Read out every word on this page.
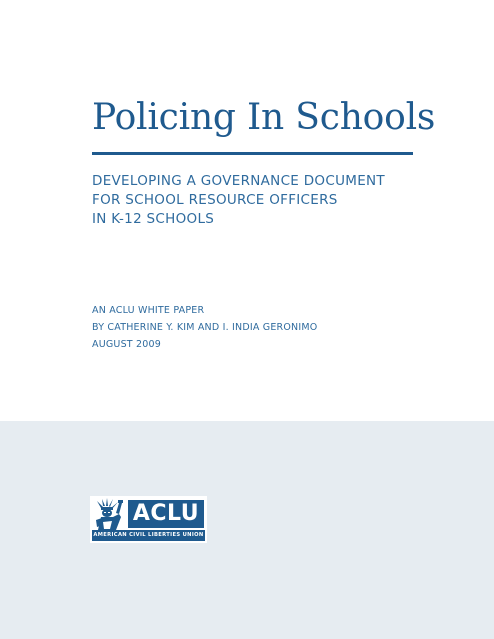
Policing In Schools
DEVELOPING A GOVERNANCE DOCUMENT
FOR SCHOOL RESOURCE OFFICERS
IN K-12 SCHOOLS
AN ACLU WHITE PAPER
BY CATHERINE Y. KIM AND I. INDIA GERONIMO
AUGUST 2009
ACLU
AMERICAN CIVIL LIBERTIES UNION
